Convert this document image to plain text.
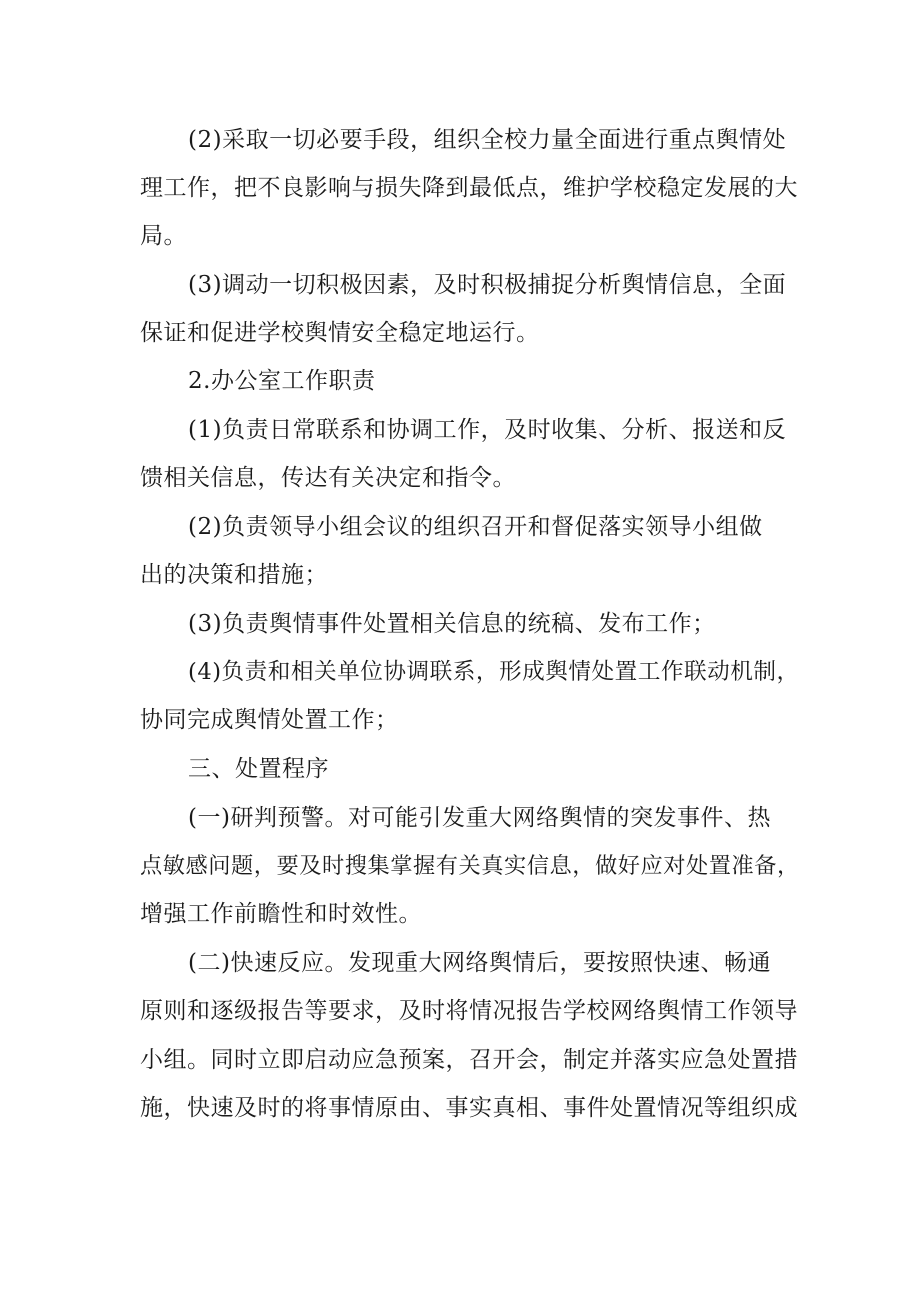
(2)采取一切必要手段，组织全校力量全面进行重点舆情处
理工作，把不良影响与损失降到最低点，维护学校稳定发展的大
局。
(3)调动一切积极因素，及时积极捕捉分析舆情信息，全面
保证和促进学校舆情安全稳定地运行。
2.办公室工作职责
(1)负责日常联系和协调工作，及时收集、分析、报送和反
馈相关信息，传达有关决定和指令。
(2)负责领导小组会议的组织召开和督促落实领导小组做
出的决策和措施；
(3)负责舆情事件处置相关信息的统稿、发布工作；
(4)负责和相关单位协调联系，形成舆情处置工作联动机制，
协同完成舆情处置工作；
三、处置程序
(一)研判预警。对可能引发重大网络舆情的突发事件、热
点敏感问题，要及时搜集掌握有关真实信息，做好应对处置准备，
增强工作前瞻性和时效性。
(二)快速反应。发现重大网络舆情后，要按照快速、畅通
原则和逐级报告等要求，及时将情况报告学校网络舆情工作领导
小组。同时立即启动应急预案，召开会，制定并落实应急处置措
施，快速及时的将事情原由、事实真相、事件处置情况等组织成
